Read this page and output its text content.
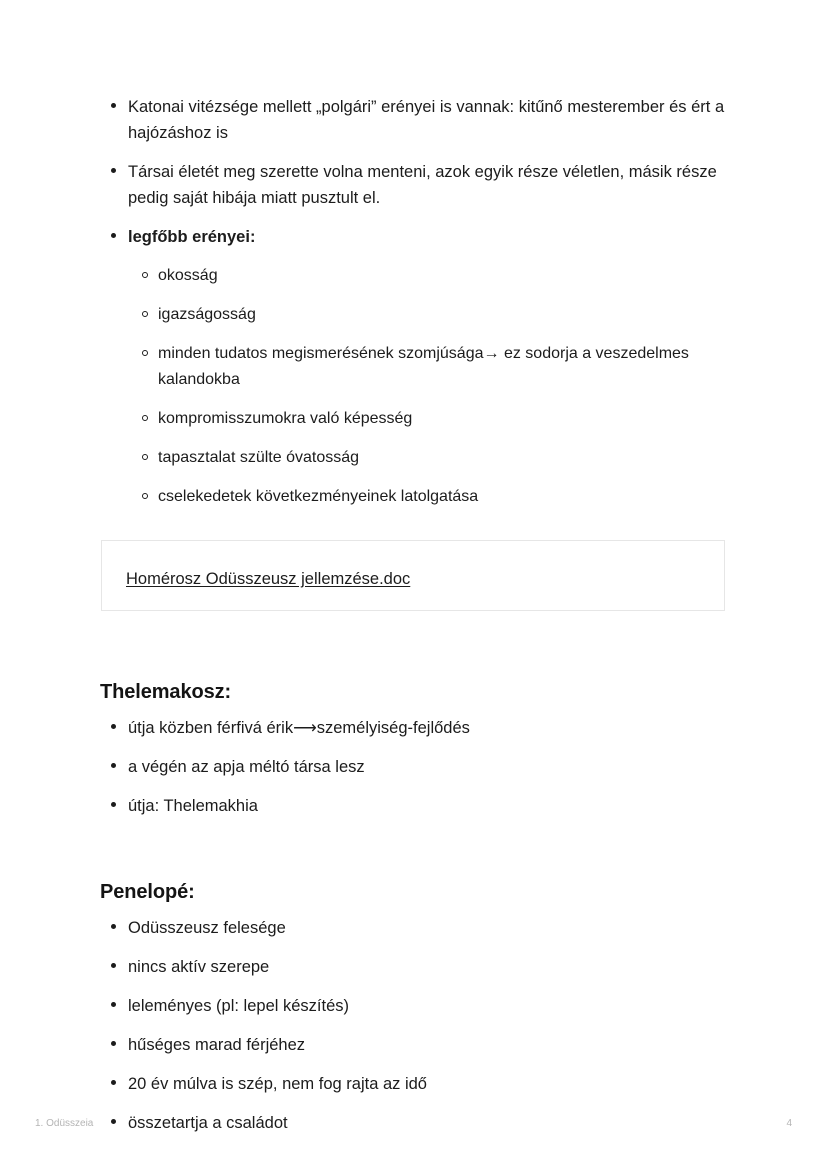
Katonai vitézsége mellett „polgári” erényei is vannak: kitűnő mesterember és ért a hajózáshoz is
Társai életét meg szerette volna menteni, azok egyik része véletlen, másik része pedig saját hibája miatt pusztult el.
legfőbb erényei:
okosság
igazságosság
minden tudatos megismerésének szomjúsága→ ez sodorja a veszedelmes kalandokba
kompromisszumokra való képesség
tapasztalat szülte óvatosság
cselekedetek következményeinek latolgatása
Homérosz Odüsszeusz jellemzése.doc
Thelemakosz:
útja közben férfivá érik⟶személyiség-fejlődés
a végén az apja méltó társa lesz
útja: Thelemakhia
Penelopé:
Odüsszeusz felesége
nincs aktív szerepe
leleményes (pl: lepel készítés)
hűséges marad férjéhez
20 év múlva is szép, nem fog rajta az idő
összetartja a családot
1. Odüsszeia	4
